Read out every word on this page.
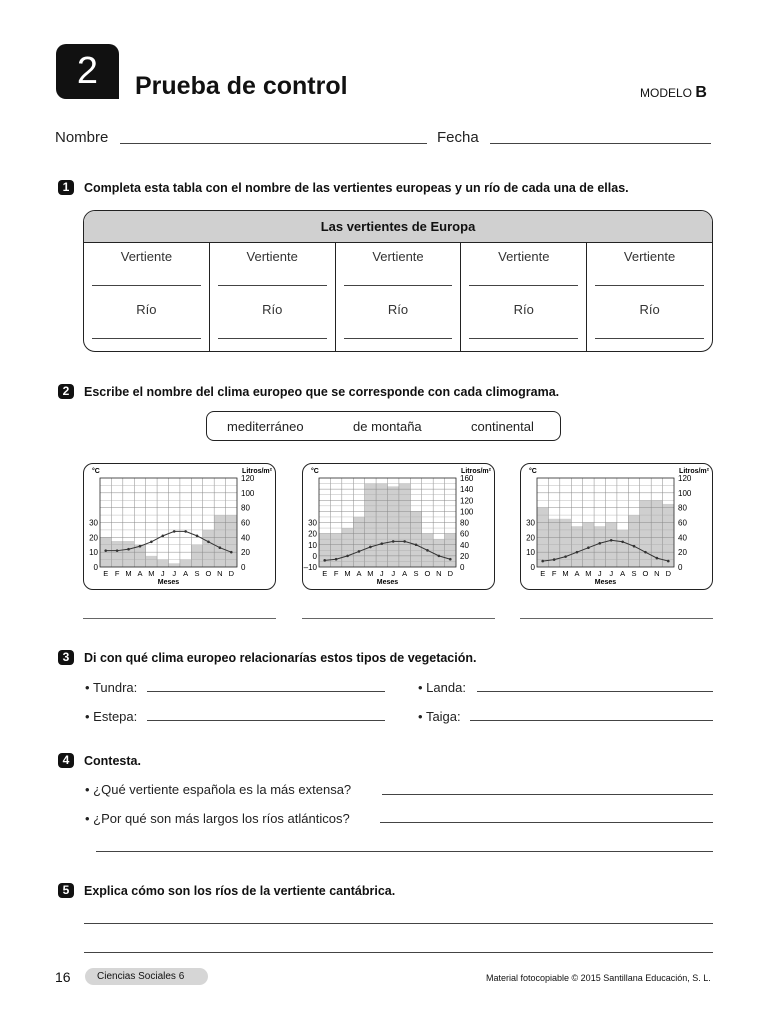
2	Prueba de control	MODELO B
Nombre	Fecha
1	Completa esta tabla con el nombre de las vertientes europeas y un río de cada una de ellas.
Las vertientes de Europa
Vertiente
Río
Vertiente
Río
Vertiente
Río
Vertiente
Río
Vertiente
Río
2	Escribe el nombre del clima europeo que se corresponde con cada climograma.
mediterráneo	de montaña	continental
120
100
80
60
40
20
0
30
20
10
0
E F M A M J J A S O N D
Meses
°C	Litros/m²
160
140
120
100
80
60
40
20
0
30
20
10
0
–10
E F M A M J J A S O N D
Meses
°C	Litros/m²
120
100
80
60
40
20
0
30
20
10
0
E F M A M J J A S O N D
Meses
°C	Litros/m²
3	Di con qué clima europeo relacionarías estos tipos de vegetación.
• Tundra:	• Landa:
• Estepa:	• Taiga:
4	Contesta.
• ¿Qué vertiente española es la más extensa?
• ¿Por qué son más largos los ríos atlánticos?
5	Explica cómo son los ríos de la vertiente cantábrica.
16	Ciencias Sociales 6	Material fotocopiable © 2015 Santillana Educación, S. L.
